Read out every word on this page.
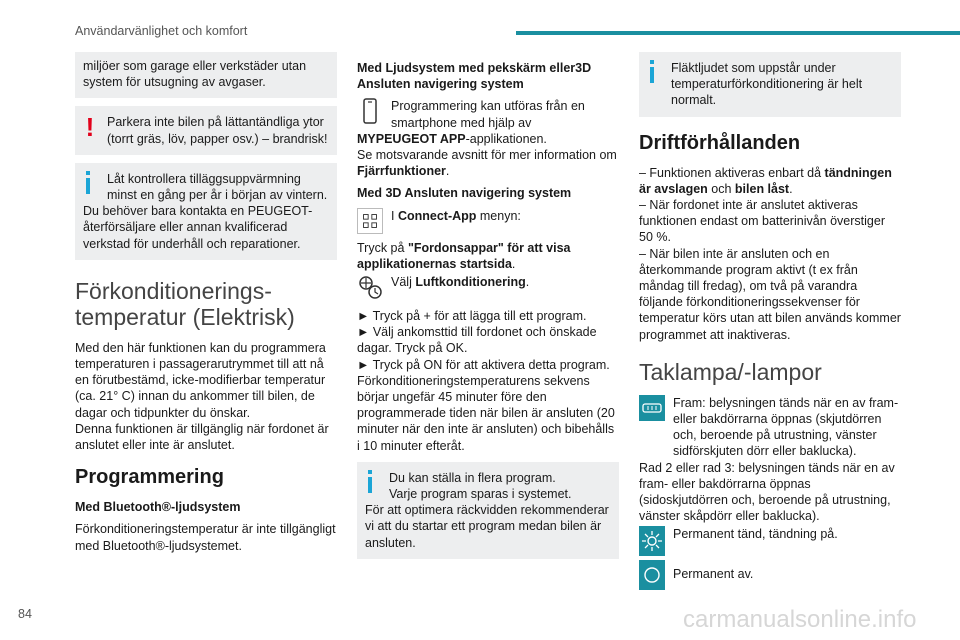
Användarvänlighet och komfort

miljöer som garage eller verkstäder utan system för utsugning av avgaser.

!	Parkera inte bilen på lättantändliga ytor (torrt gräs, löv, papper osv.) – brandrisk!

Låt kontrollera tilläggsuppvärmning minst en gång per år i början av vintern.

Du behöver bara kontakta en PEUGEOT-återförsäljare eller annan kvalificerad verkstad för underhåll och reparationer.

Förkonditionerings-temperatur (Elektrisk)

Med den här funktionen kan du programmera temperaturen i passagerarutrymmet till att nå en förutbestämd, icke-modifierbar temperatur (ca. 21° C) innan du ankommer till bilen, de dagar och tidpunkter du önskar.

Denna funktionen är tillgänglig när fordonet är anslutet eller inte är anslutet.

Programmering
Med Bluetooth®-ljudsystem

Förkonditioneringstemperatur är inte tillgängligt med Bluetooth®-ljudsystemet.

Med Ljudsystem med pekskärm eller3D Ansluten navigering system
Programmering kan utföras från en smartphone med hjälp av

MYPEUGEOT APP-applikationen.
Se motsvarande avsnitt för mer information om Fjärrfunktioner.

Med 3D Ansluten navigering system
I Connect-App menyn:

Tryck på "Fordonsappar" för att visa applikationernas startsida.

Välj Luftkonditionering.

► Tryck på + för att lägga till ett program.

► Välj ankomsttid till fordonet och önskade dagar. Tryck på OK.

► Tryck på ON för att aktivera detta program.

Förkonditioneringstemperaturens sekvens börjar ungefär 45 minuter före den programmerade tiden när bilen är ansluten (20 minuter när den inte är ansluten) och bibehålls i 10 minuter efteråt.

Du kan ställa in flera program.

Varje program sparas i systemet.

För att optimera räckvidden rekommenderar vi att du startar ett program medan bilen är ansluten.

Fläktljudet som uppstår under temperaturförkonditionering är helt normalt.

Driftförhållanden

– Funktionen aktiveras enbart då tändningen är avslagen och bilen låst.

– När fordonet inte är anslutet aktiveras funktionen endast om batterinivån överstiger 50 %.

– När bilen inte är ansluten och en återkommande program aktivt (t ex från måndag till fredag), om två på varandra följande förkonditioneringssekvenser för temperatur körs utan att bilen används kommer programmet att inaktiveras.

Taklampa/-lampor
Fram: belysningen tänds när en av fram- eller bakdörrarna öppnas (skjutdörren och, beroende på utrustning, vänster sidförskjuten dörr eller baklucka).

Rad 2 eller rad 3: belysningen tänds när en av fram- eller bakdörrarna öppnas (sidoskjutdörren och, beroende på utrustning, vänster skåpdörr eller baklucka).

Permanent tänd, tändning på.
Permanent av.
84	carmanualsonline.info
